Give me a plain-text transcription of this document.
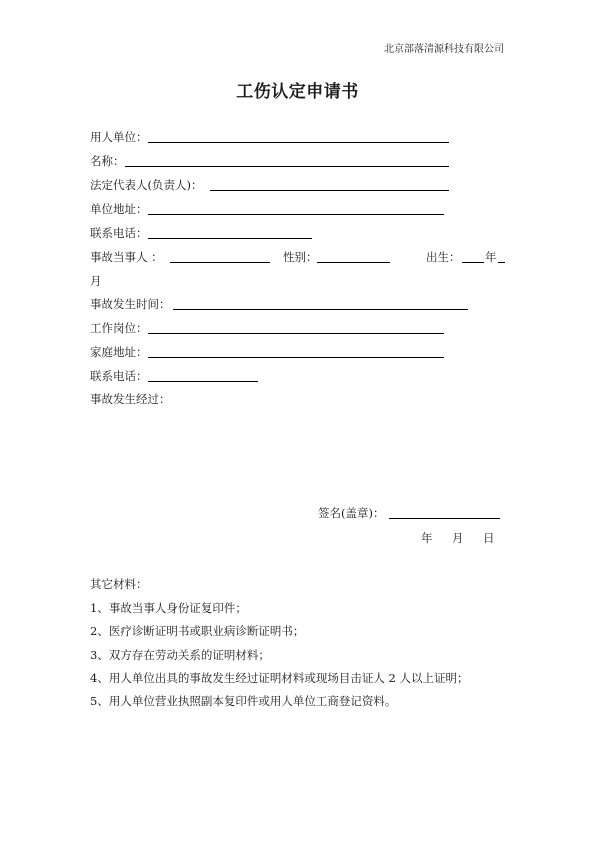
北京部落清源科技有限公司
工伤认定申请书
用人单位：
名称：
法定代表人(负责人)：
单位地址：
联系电话：
事故当事人 ：	性别：	出生： 年
月
事故发生时间：
工作岗位：
家庭地址：
联系电话：
事故发生经过：
签名(盖章)：
年 月 日
其它材料：
1、事故当事人身份证复印件；
2、医疗诊断证明书或职业病诊断证明书；
3、双方存在劳动关系的证明材料；
4、用人单位出具的事故发生经过证明材料或现场目击证人 2 人以上证明；
5、用人单位营业执照副本复印件或用人单位工商登记资料。
